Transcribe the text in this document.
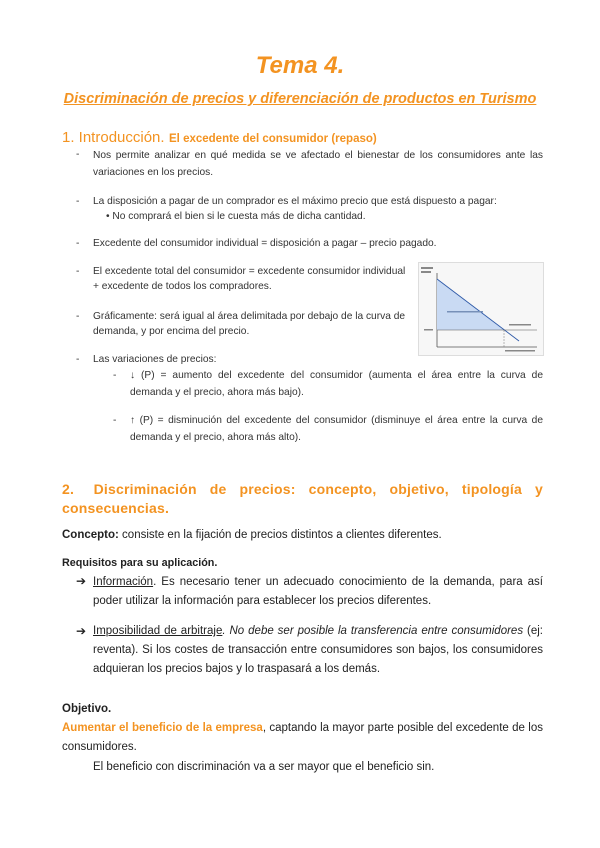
Tema 4.
Discriminación de precios y diferenciación de productos en Turismo
1. Introducción. El excedente del consumidor (repaso)
- Nos permite analizar en qué medida se ve afectado el bienestar de los consumidores ante las variaciones en los precios.
- La disposición a pagar de un comprador es el máximo precio que está dispuesto a pagar:
• No comprará el bien si le cuesta más de dicha cantidad.
- Excedente del consumidor individual = disposición a pagar – precio pagado.
- El excedente total del consumidor = excedente consumidor individual
+ excedente de todos los compradores.
- Gráficamente: será igual al área delimitada por debajo de la curva de
demanda, y por encima del precio.
- Las variaciones de precios:
- ↓ (P) = aumento del excedente del consumidor (aumenta el área entre la curva de demanda y el precio, ahora más bajo).
- ↑ (P) = disminución del excedente del consumidor (disminuye el área entre la curva de demanda y el precio, ahora más alto).
2.   Discriminación  de  precios:  concepto,  objetivo,  tipología  y
consecuencias.
Concepto: consiste en la fijación de precios distintos a clientes diferentes.
Requisitos para su aplicación.
➔ Información. Es necesario tener un adecuado conocimiento de la demanda, para así poder utilizar la información para establecer los precios diferentes.
➔ Imposibilidad de arbitraje. No debe ser posible la transferencia entre consumidores (ej: reventa). Si los costes de transacción entre consumidores son bajos, los consumidores adquieran los precios bajos y lo traspasará a los demás.
Objetivo.
Aumentar el beneficio de la empresa, captando la mayor parte posible del excedente de los consumidores.
El beneficio con discriminación va a ser mayor que el beneficio sin.
